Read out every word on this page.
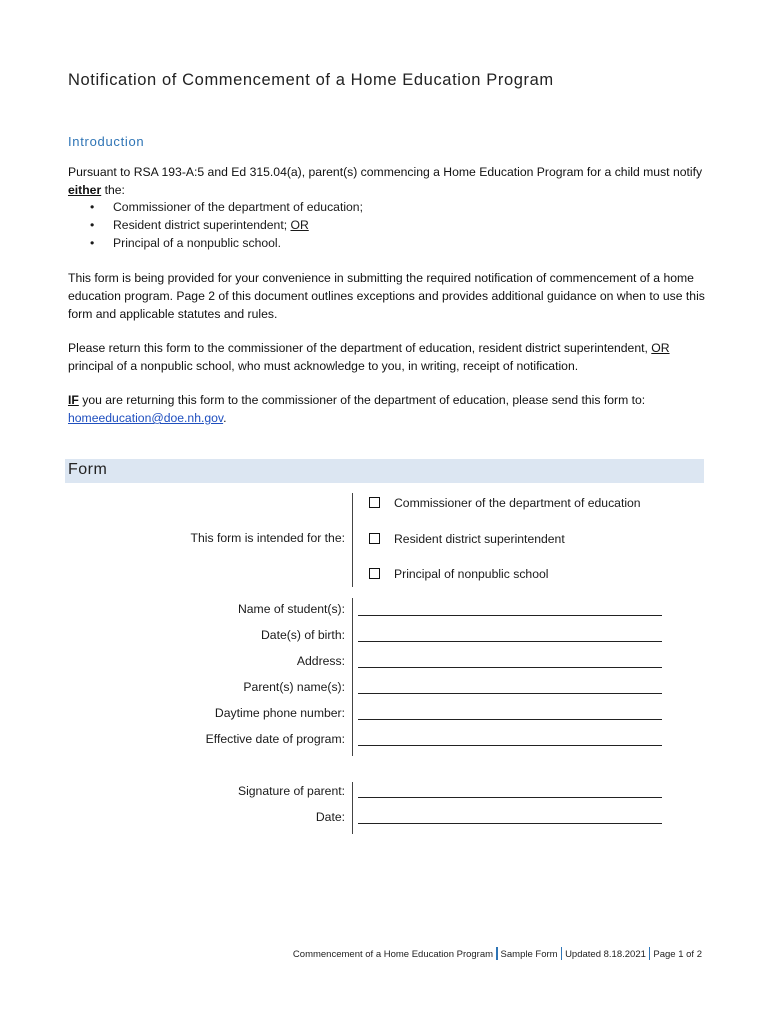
Notification of Commencement of a Home Education Program
Introduction
Pursuant to RSA 193-A:5 and Ed 315.04(a), parent(s) commencing a Home Education Program for a child must notify either the:
• Commissioner of the department of education;
• Resident district superintendent; OR
• Principal of a nonpublic school.
This form is being provided for your convenience in submitting the required notification of commencement of a home education program. Page 2 of this document outlines exceptions and provides additional guidance on when to use this form and applicable statutes and rules.
Please return this form to the commissioner of the department of education, resident district superintendent, OR principal of a nonpublic school, who must acknowledge to you, in writing, receipt of notification.
IF you are returning this form to the commissioner of the department of education, please send this form to: homeeducation@doe.nh.gov.
Form
This form is intended for the:
Commissioner of the department of education
Resident district superintendent
Principal of nonpublic school
Name of student(s):
Date(s) of birth:
Address:
Parent(s) name(s):
Daytime phone number:
Effective date of program:
Signature of parent:
Date:
Commencement of a Home Education Program Sample Form Updated 8.18.2021 Page 1 of 2
